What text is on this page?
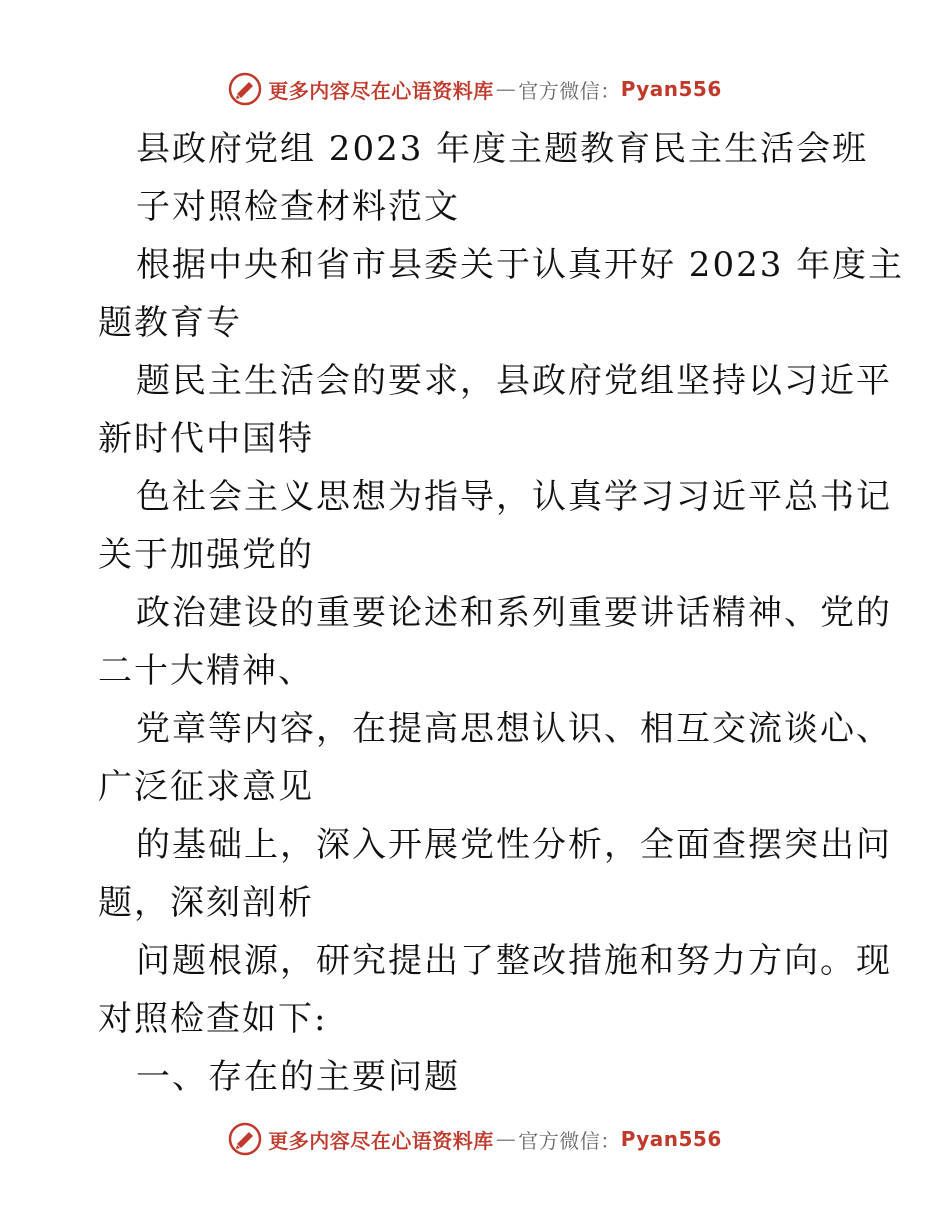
更多内容尽在心语资料库 — 官方微信： Pyan556
县政府党组 2023 年度主题教育民主生活会班
子对照检查材料范文
根据中央和省市县委关于认真开好 2023 年度主
题教育专
题民主生活会的要求，县政府党组坚持以习近平
新时代中国特
色社会主义思想为指导，认真学习习近平总书记
关于加强党的
政治建设的重要论述和系列重要讲话精神、党的
二十大精神、
党章等内容，在提高思想认识、相互交流谈心、
广泛征求意见
的基础上，深入开展党性分析，全面查摆突出问
题，深刻剖析
问题根源，研究提出了整改措施和努力方向。现
对照检查如下:
一、存在的主要问题
更多内容尽在心语资料库 — 官方微信： Pyan556
